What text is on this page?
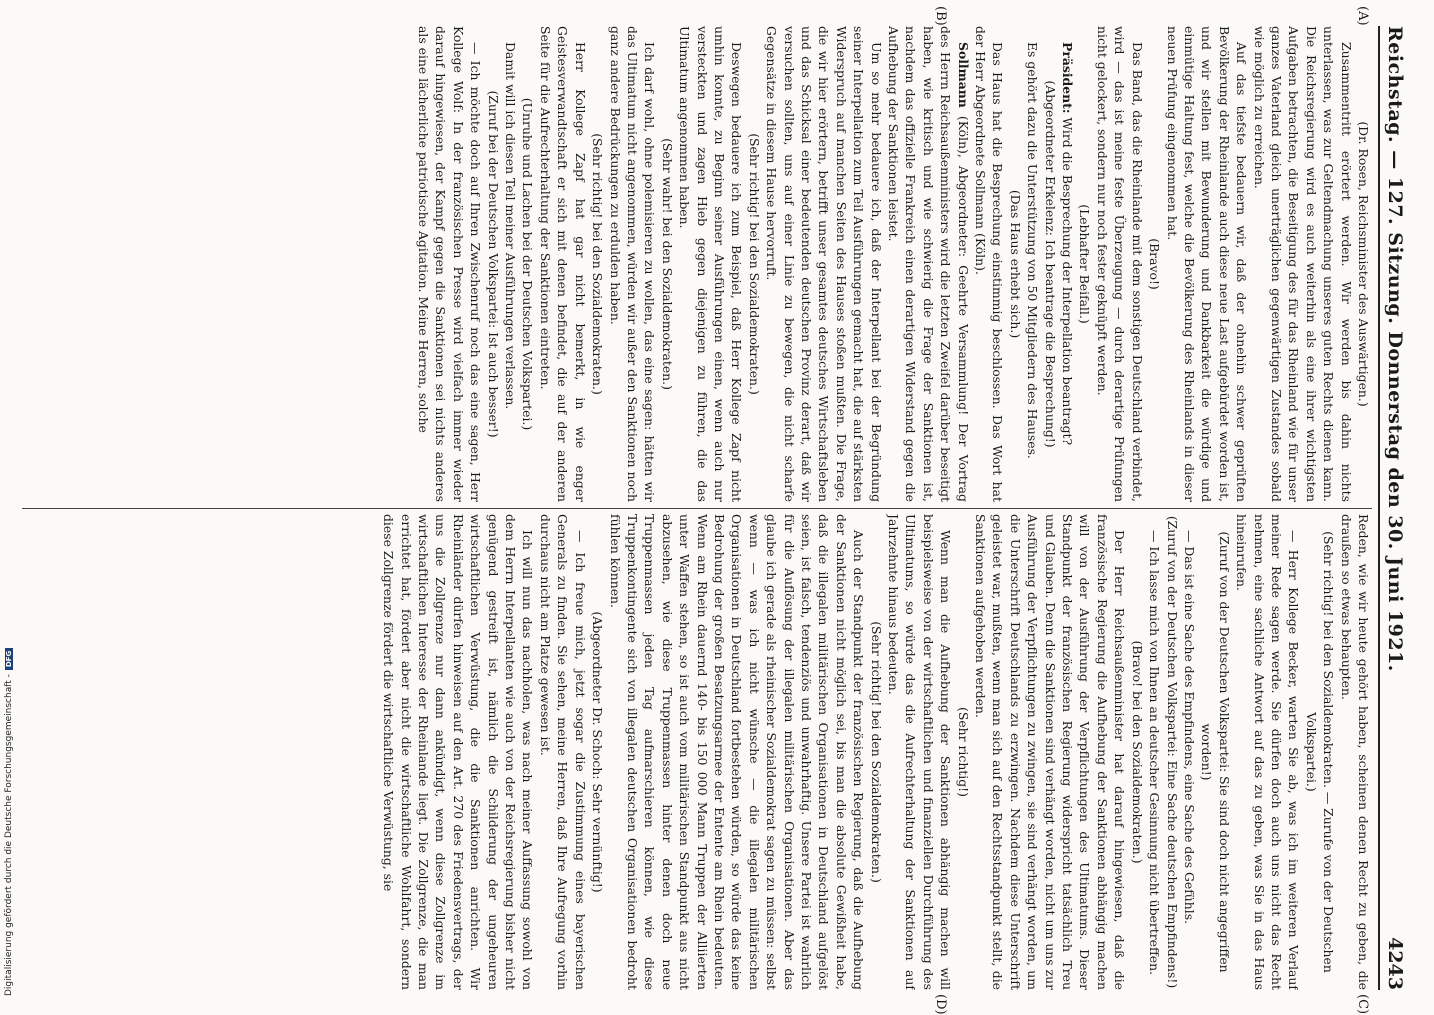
Reichstag. — 127. Sitzung. Donnerstag den 30. Juni 1921.
4243
(A)
(B)
(C)
(D)

(Dr. Rosen, Reichsminister des Auswärtigen.)

Zusammentritt erörtert werden. Wir werden bis dahin nichts unterlassen, was zur Geltendmachung unseres guten Rechts dienen kann. Die Reichsregierung wird es auch weiterhin als eine ihrer wichtigsten Aufgaben betrachten, die Beseitigung des für das Rheinland wie für unser ganzes Vaterland gleich unerträglichen gegenwärtigen Zustandes sobald wie möglich zu erreichen.

Auf das tiefste bedauern wir, daß der ohnehin schwer geprüften Bevölkerung der Rheinlande auch diese neue Last aufgebürdet worden ist, und wir stellen mit Bewunderung und Dankbarkeit die würdige und einmütige Haltung fest, welche die Bevölkerung des Rheinlands in dieser neuen Prüfung eingenommen hat.

(Bravo!)

Das Band, das die Rheinlande mit dem sonstigen Deutschland verbindet, wird — das ist meine feste Überzeugung — durch derartige Prüfungen nicht gelockert, sondern nur noch fester geknüpft werden.

(Lebhafter Beifall.)

Präsident: Wird die Besprechung der Interpellation beantragt?

(Abgeordneter Erkelenz: Ich beantrage die Besprechung!)

Es gehört dazu die Unterstützung von 50 Mitgliedern des Hauses.

(Das Haus erhebt sich.)

Das Haus hat die Besprechung einstimmig beschlossen. Das Wort hat der Herr Abgeordnete Sollmann (Köln).

Sollmann (Köln), Abgeordneter: Geehrte Versammlung! Der Vortrag des Herrn Reichsaußenministers wird die letzten Zweifel darüber beseitigt haben, wie kritisch und wie schwierig die Frage der Sanktionen ist, nachdem das offizielle Frankreich einen derartigen Widerstand gegen die Aufhebung der Sanktionen leistet.

Um so mehr bedauere ich, daß der Interpellant bei der Begründung seiner Interpellation zum Teil Ausführungen gemacht hat, die auf stärksten Widerspruch auf manchen Seiten des Hauses stoßen mußten. Die Frage, die wir hier erörtern, betrifft unser gesamtes deutsches Wirtschaftsleben und das Schicksal einer bedeutenden deutschen Provinz derart, daß wir versuchen sollten, uns auf einer Linie zu bewegen, die nicht scharfe Gegensätze in diesem Hause hervorruft.

(Sehr richtig! bei den Sozialdemokraten.)

Deswegen bedauere ich zum Beispiel, daß Herr Kollege Zapf nicht umhin konnte, zu Beginn seiner Ausführungen einen, wenn auch nur versteckten und zagen Hieb gegen diejenigen zu führen, die das Ultimatum angenommen haben.

(Sehr wahr! bei den Sozialdemokraten.)

Ich darf wohl, ohne polemisieren zu wollen, das eine sagen: hätten wir das Ultimatum nicht angenommen, würden wir außer den Sanktionen noch ganz andere Bedrückungen zu erdulden haben.

(Sehr richtig! bei den Sozialdemokraten.)

Herr Kollege Zapf hat gar nicht bemerkt, in wie enger Geistesverwandtschaft er sich mit denen befindet, die auf der anderen Seite für die Aufrechterhaltung der Sanktionen eintreten.

(Unruhe und Lachen bei der Deutschen Volkspartei.)

Damit will ich diesen Teil meiner Ausführungen verlassen.

(Zuruf bei der Deutschen Volkspartei: Ist auch besser!)

— Ich möchte doch auf Ihren Zwischenruf noch das eine sagen, Herr Kollege Wolf: In der französischen Presse wird vielfach immer wieder darauf hingewiesen, der Kampf gegen die Sanktionen sei nichts anderes als eine lächerliche patriotische Agitation. Meine Herren, solche

Reden, wie wir heute gehört haben, scheinen denen Recht zu geben, die draußen so etwas behaupten.

(Sehr richtig! bei den Sozialdemokraten. — Zurufe von der Deutschen Volkspartei.)

— Herr Kollege Becker, warten Sie ab, was ich im weiteren Verlauf meiner Rede sagen werde. Sie dürfen doch auch uns nicht das Recht nehmen, eine sachliche Antwort auf das zu geben, was Sie in das Haus hineinrufen.

(Zuruf von der Deutschen Volkspartei: Sie sind doch nicht angegriffen worden!)

— Das ist eine Sache des Empfindens, eine Sache des Gefühls.

(Zuruf von der Deutschen Volkspartei: Eine Sache deutschen Empfindens!)

— Ich lasse mich von Ihnen an deutscher Gesinnung nicht übertreffen.

(Bravo! bei den Sozialdemokraten.)

Der Herr Reichsaußenminister hat darauf hingewiesen, daß die französische Regierung die Aufhebung der Sanktionen abhängig machen will von der Ausführung der Verpflichtungen des Ultimatums. Dieser Standpunkt der französischen Regierung widerspricht tatsächlich Treu und Glauben. Denn die Sanktionen sind verhängt worden, nicht um uns zur Ausführung der Verpflichtungen zu zwingen, sie sind verhängt worden, um die Unterschrift Deutschlands zu erzwingen. Nachdem diese Unterschrift geleistet war, mußten, wenn man sich auf den Rechtsstandpunkt stellt, die Sanktionen aufgehoben werden.

(Sehr richtig!)

Wenn man die Aufhebung der Sanktionen abhängig machen will beispielsweise von der wirtschaftlichen und finanziellen Durchführung des Ultimatums, so würde das die Aufrechterhaltung der Sanktionen auf Jahrzehnte hinaus bedeuten.

(Sehr richtig! bei den Sozialdemokraten.)

Auch der Standpunkt der französischen Regierung, daß die Aufhebung der Sanktionen nicht möglich sei, bis man die absolute Gewißheit habe, daß die illegalen militärischen Organisationen in Deutschland aufgelöst seien, ist falsch, tendenziös und unwahrhaftig. Unsere Partei ist wahrlich für die Auflösung der illegalen militärischen Organisationen. Aber das glaube ich gerade als rheinischer Sozialdemokrat sagen zu müssen: selbst wenn — was ich nicht wünsche — die illegalen militärischen Organisationen in Deutschland fortbestehen würden, so würde das keine Bedrohung der großen Besatzungsarmee der Entente am Rhein bedeuten. Wenn am Rhein dauernd 140- bis 150 000 Mann Truppen der Alliierten unter Waffen stehen, so ist auch vom militärischen Standpunkt aus nicht abzusehen, wie diese Truppenmassen hinter denen doch neue Truppenmassen jeden Tag aufmarschieren können, wie diese Truppenkontingente sich von illegalen deutschen Organisationen bedroht fühlen können.

(Abgeordneter Dr. Schoch: Sehr vernünftig!)

— Ich freue mich, jetzt sogar die Zustimmung eines bayerischen Generals zu finden. Sie sehen, meine Herren, daß Ihre Aufregung vorhin durchaus nicht am Platze gewesen ist.

Ich will nun das nachholen, was nach meiner Auffassung sowohl von dem Herrn Interpellanten wie auch von der Reichsregierung bisher nicht genügend gestreift ist, nämlich die Schilderung der ungeheuren wirtschaftlichen Verwüstung, die die Sanktionen anrichten. Wir Rheinländer dürfen hinweisen auf den Art. 270 des Friedensvertrags, der uns die Zollgrenze nur dann ankündigt, wenn diese Zollgrenze im wirtschaftlichen Interesse der Rheinlande liegt. Die Zollgrenze, die man errichtet hat, fördert aber nicht die wirtschaftliche Wohlfahrt, sondern diese Zollgrenze fördert die wirtschaftliche Verwüstung, sie

Digitalisierung gefördert durch die Deutsche Forschungsgemeinschaft -
DFG
